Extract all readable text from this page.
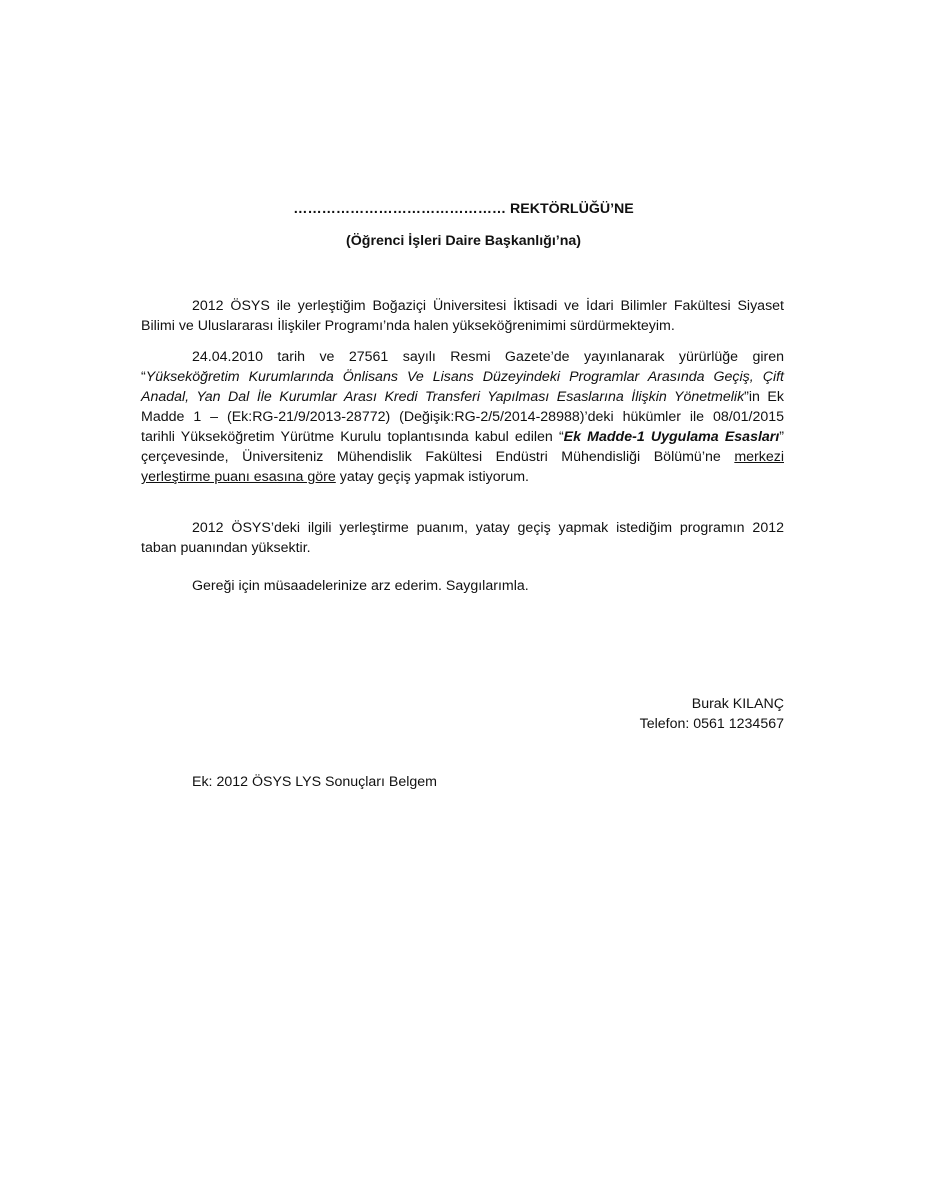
……………………………………… REKTÖRLÜĞÜ’NE
(Öğrenci İşleri Daire Başkanlığı’na)

2012 ÖSYS ile yerleştiğim Boğaziçi Üniversitesi İktisadi ve İdari Bilimler Fakültesi Siyaset Bilimi ve Uluslararası İlişkiler Programı’nda halen yükseköğrenimimi sürdürmekteyim.

24.04.2010 tarih ve 27561 sayılı Resmi Gazete’de yayınlanarak yürürlüğe giren “Yükseköğretim Kurumlarında Önlisans Ve Lisans Düzeyindeki Programlar Arasında Geçiş, Çift Anadal, Yan Dal İle Kurumlar Arası Kredi Transferi Yapılması Esaslarına İlişkin Yönetmelik”in Ek Madde 1 – (Ek:RG-21/9/2013-28772) (Değişik:RG-2/5/2014-28988)’deki hükümler ile 08/01/2015 tarihli Yükseköğretim Yürütme Kurulu toplantısında kabul edilen “Ek Madde-1 Uygulama Esasları” çerçevesinde, Üniversiteniz Mühendislik Fakültesi Endüstri Mühendisliği Bölümü’ne merkezi yerleştirme puanı esasına göre yatay geçiş yapmak istiyorum.

2012 ÖSYS’deki ilgili yerleştirme puanım, yatay geçiş yapmak istediğim programın 2012 taban puanından yüksektir.

Gereği için müsaadelerinize arz ederim. Saygılarımla.

Burak KILANÇ
Telefon: 0561 1234567
Ek: 2012 ÖSYS LYS Sonuçları Belgem
